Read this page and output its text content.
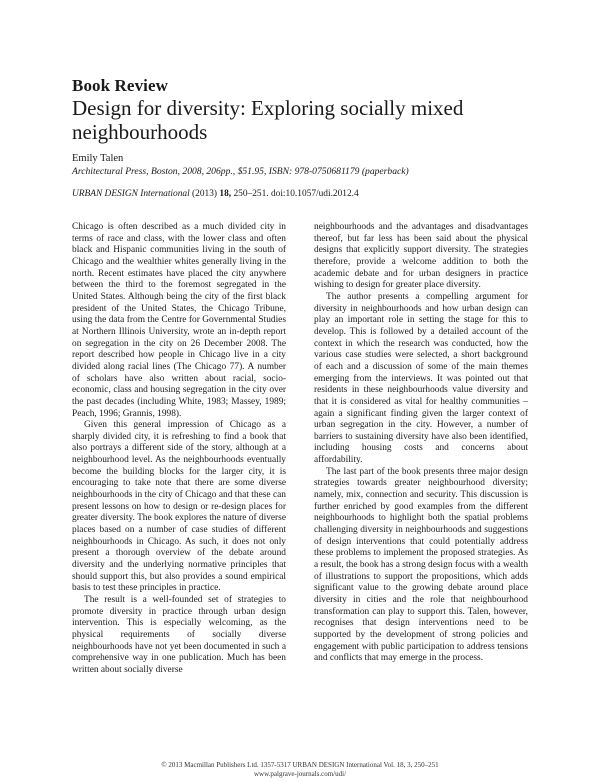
Book Review
Design for diversity: Exploring socially mixed neighbourhoods
Emily Talen
Architectural Press, Boston, 2008, 206pp., $51.95, ISBN: 978-0750681179 (paperback)
URBAN DESIGN International (2013) 18, 250–251. doi:10.1057/udi.2012.4

Chicago is often described as a much divided city in terms of race and class, with the lower class and often black and Hispanic communities living in the south of Chicago and the wealthier whites generally living in the north. Recent estimates have placed the city anywhere between the third to the foremost segregated in the United States. Although being the city of the first black president of the United States, the Chicago Tribune, using the data from the Centre for Governmental Studies at Northern Illinois University, wrote an in-depth report on segregation in the city on 26 December 2008. The report described how people in Chicago live in a city divided along racial lines (The Chicago 77). A number of scholars have also written about racial, socio-economic, class and housing segregation in the city over the past decades (including White, 1983; Massey, 1989; Peach, 1996; Grannis, 1998).

Given this general impression of Chicago as a sharply divided city, it is refreshing to find a book that also portrays a different side of the story, although at a neighbourhood level. As the neighbourhoods eventually become the building blocks for the larger city, it is encouraging to take note that there are some diverse neighbourhoods in the city of Chicago and that these can present lessons on how to design or re-design places for greater diversity. The book explores the nature of diverse places based on a number of case studies of different neighbourhoods in Chicago. As such, it does not only present a thorough overview of the debate around diversity and the underlying normative principles that should support this, but also provides a sound empirical basis to test these principles in practice.

The result is a well-founded set of strategies to promote diversity in practice through urban design intervention. This is especially welcoming, as the physical requirements of socially diverse neighbourhoods have not yet been documented in such a comprehensive way in one publication. Much has been written about socially diverse

neighbourhoods and the advantages and disadvantages thereof, but far less has been said about the physical designs that explicitly support diversity. The strategies therefore, provide a welcome addition to both the academic debate and for urban designers in practice wishing to design for greater place diversity.

The author presents a compelling argument for diversity in neighbourhoods and how urban design can play an important role in setting the stage for this to develop. This is followed by a detailed account of the context in which the research was conducted, how the various case studies were selected, a short background of each and a discussion of some of the main themes emerging from the interviews. It was pointed out that residents in these neighbourhoods value diversity and that it is considered as vital for healthy communities – again a significant finding given the larger context of urban segregation in the city. However, a number of barriers to sustaining diversity have also been identified, including housing costs and concerns about affordability.

The last part of the book presents three major design strategies towards greater neighbourhood diversity; namely, mix, connection and security. This discussion is further enriched by good examples from the different neighbourhoods to highlight both the spatial problems challenging diversity in neighbourhoods and suggestions of design interventions that could potentially address these problems to implement the proposed strategies. As a result, the book has a strong design focus with a wealth of illustrations to support the propositions, which adds significant value to the growing debate around place diversity in cities and the role that neighbourhood transformation can play to support this. Talen, however, recognises that design interventions need to be supported by the development of strong policies and engagement with public participation to address tensions and conflicts that may emerge in the process.

© 2013 Macmillan Publishers Ltd. 1357-5317 URBAN DESIGN International Vol. 18, 3, 250–251
www.palgrave-journals.com/udi/
